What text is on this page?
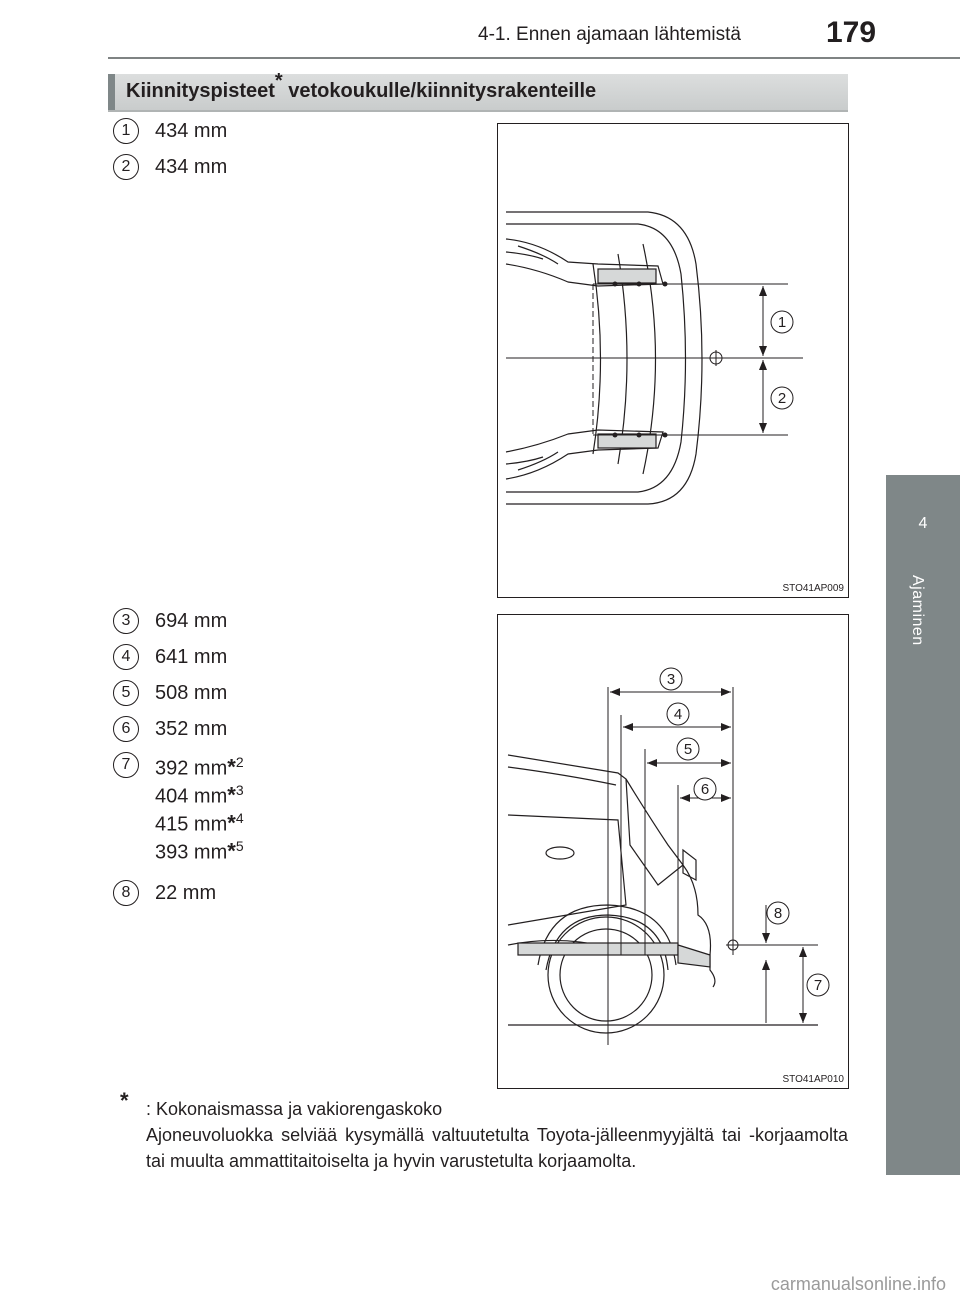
4-1. Ennen ajamaan lähtemistä	179
4
Ajaminen
Kiinnityspisteet* vetokoukulle/kiinnitysrakenteille
1	434 mm
2	434 mm
3	694 mm
4	641 mm
5	508 mm
6	352 mm
7	392 mm*$^2$
404 mm*$^3$
415 mm*$^4$
393 mm*$^5$
8	22 mm
1
2
STO41AP009
3
4
5
6
8
7
STO41AP010
* : Kokonaismassa ja vakiorengaskoko
Ajoneuvoluokka selviää kysymällä valtuutetulta Toyota-jälleenmyyjältä tai -korjaamolta tai muulta ammattitaitoiselta ja hyvin varustetulta korjaamolta.
carmanualsonline.info
